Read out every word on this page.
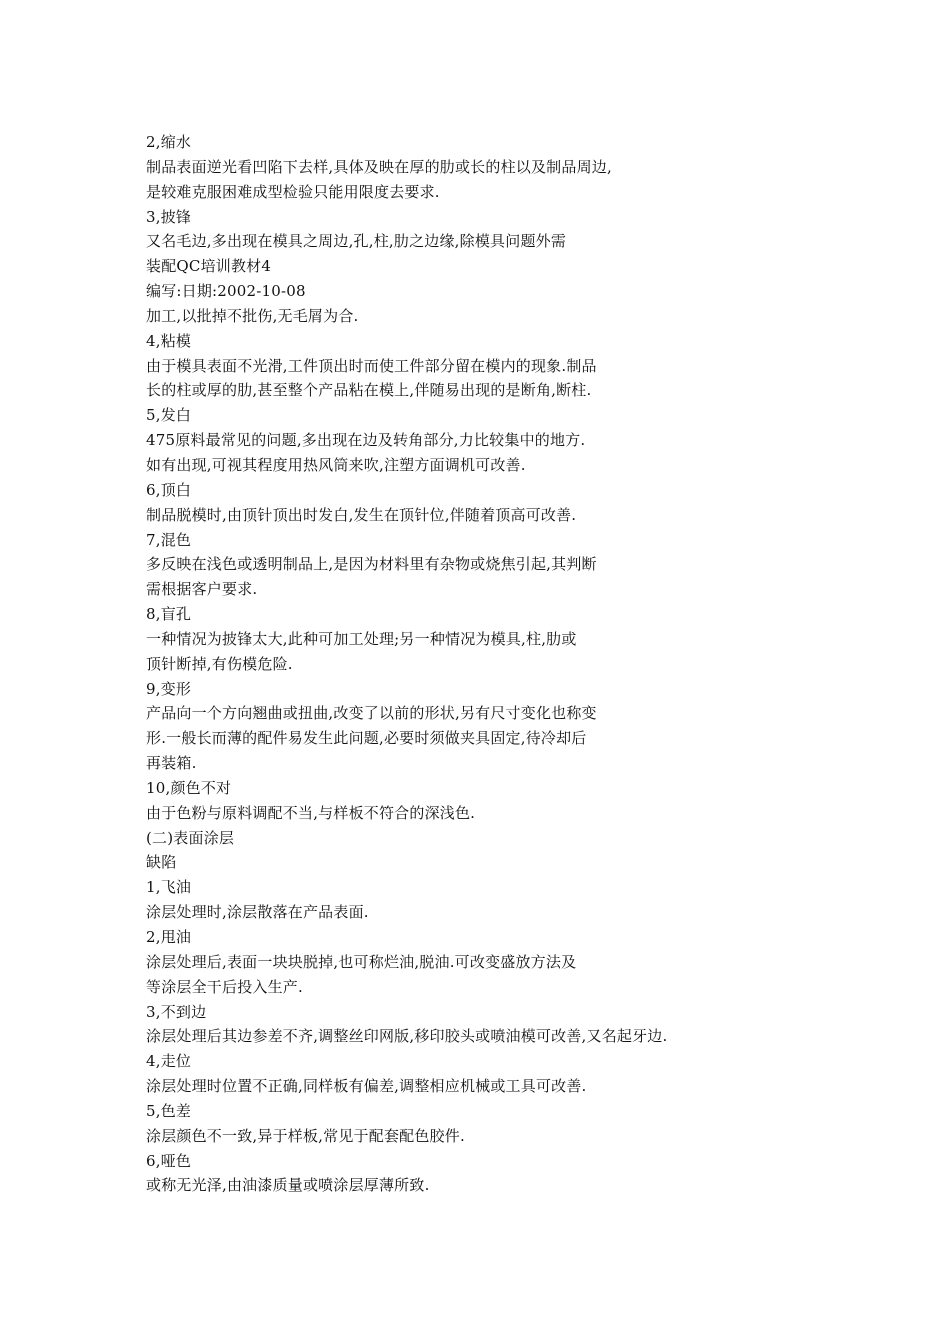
2,缩水
制品表面逆光看凹陷下去样,具体及映在厚的肋或长的柱以及制品周边,
是较难克服困难成型检验只能用限度去要求.
3,披锋
又名毛边,多出现在模具之周边,孔,柱,肋之边缘,除模具问题外需
装配QC培训教材4
编写:日期:2002-10-08
加工,以批掉不批伤,无毛屑为合.
4,粘模
由于模具表面不光滑,工件顶出时而使工件部分留在模内的现象.制品
长的柱或厚的肋,甚至整个产品粘在模上,伴随易出现的是断角,断柱.
5,发白
475原料最常见的问题,多出现在边及转角部分,力比较集中的地方.
如有出现,可视其程度用热风筒来吹,注塑方面调机可改善.
6,顶白
制品脱模时,由顶针顶出时发白,发生在顶针位,伴随着顶高可改善.
7,混色
多反映在浅色或透明制品上,是因为材料里有杂物或烧焦引起,其判断
需根据客户要求.
8,盲孔
一种情况为披锋太大,此种可加工处理;另一种情况为模具,柱,肋或
顶针断掉,有伤模危险.
9,变形
产品向一个方向翘曲或扭曲,改变了以前的形状,另有尺寸变化也称变
形.一般长而薄的配件易发生此问题,必要时须做夹具固定,待冷却后
再装箱.
10,颜色不对
由于色粉与原料调配不当,与样板不符合的深浅色.
(二)表面涂层
缺陷
1,飞油
涂层处理时,涂层散落在产品表面.
2,甩油
涂层处理后,表面一块块脱掉,也可称烂油,脱油.可改变盛放方法及
等涂层全干后投入生产.
3,不到边
涂层处理后其边参差不齐,调整丝印网版,移印胶头或喷油模可改善,又名起牙边.
4,走位
涂层处理时位置不正确,同样板有偏差,调整相应机械或工具可改善.
5,色差
涂层颜色不一致,异于样板,常见于配套配色胶件.
6,哑色
或称无光泽,由油漆质量或喷涂层厚薄所致.
